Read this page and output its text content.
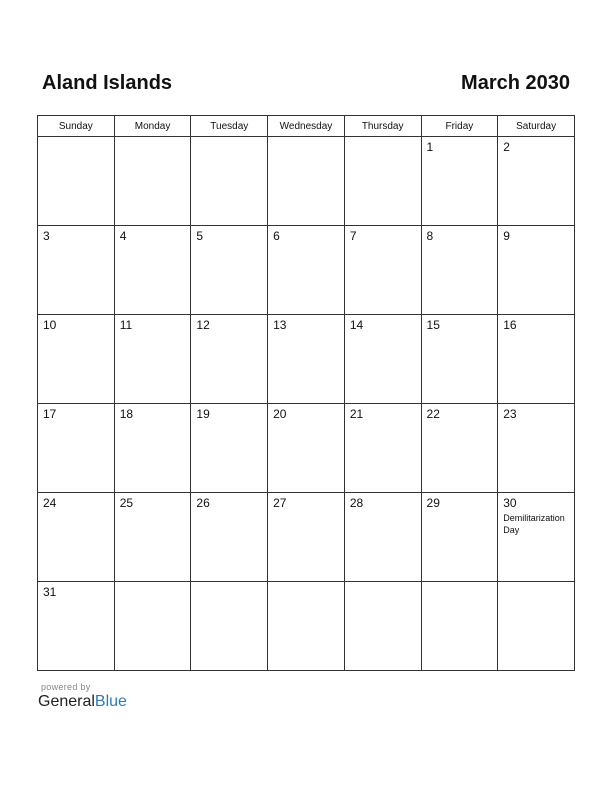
Aland Islands	March 2030
Sunday	Monday	Tuesday	Wednesday	Thursday	Friday	Saturday

					1	2

3	4	5	6	7	8	9

10	11	12	13	14	15	16

17	18	19	20	21	22	23

24	25	26	27	28	29	30
Demilitarization Day

31						

powered by
GeneralBlue
